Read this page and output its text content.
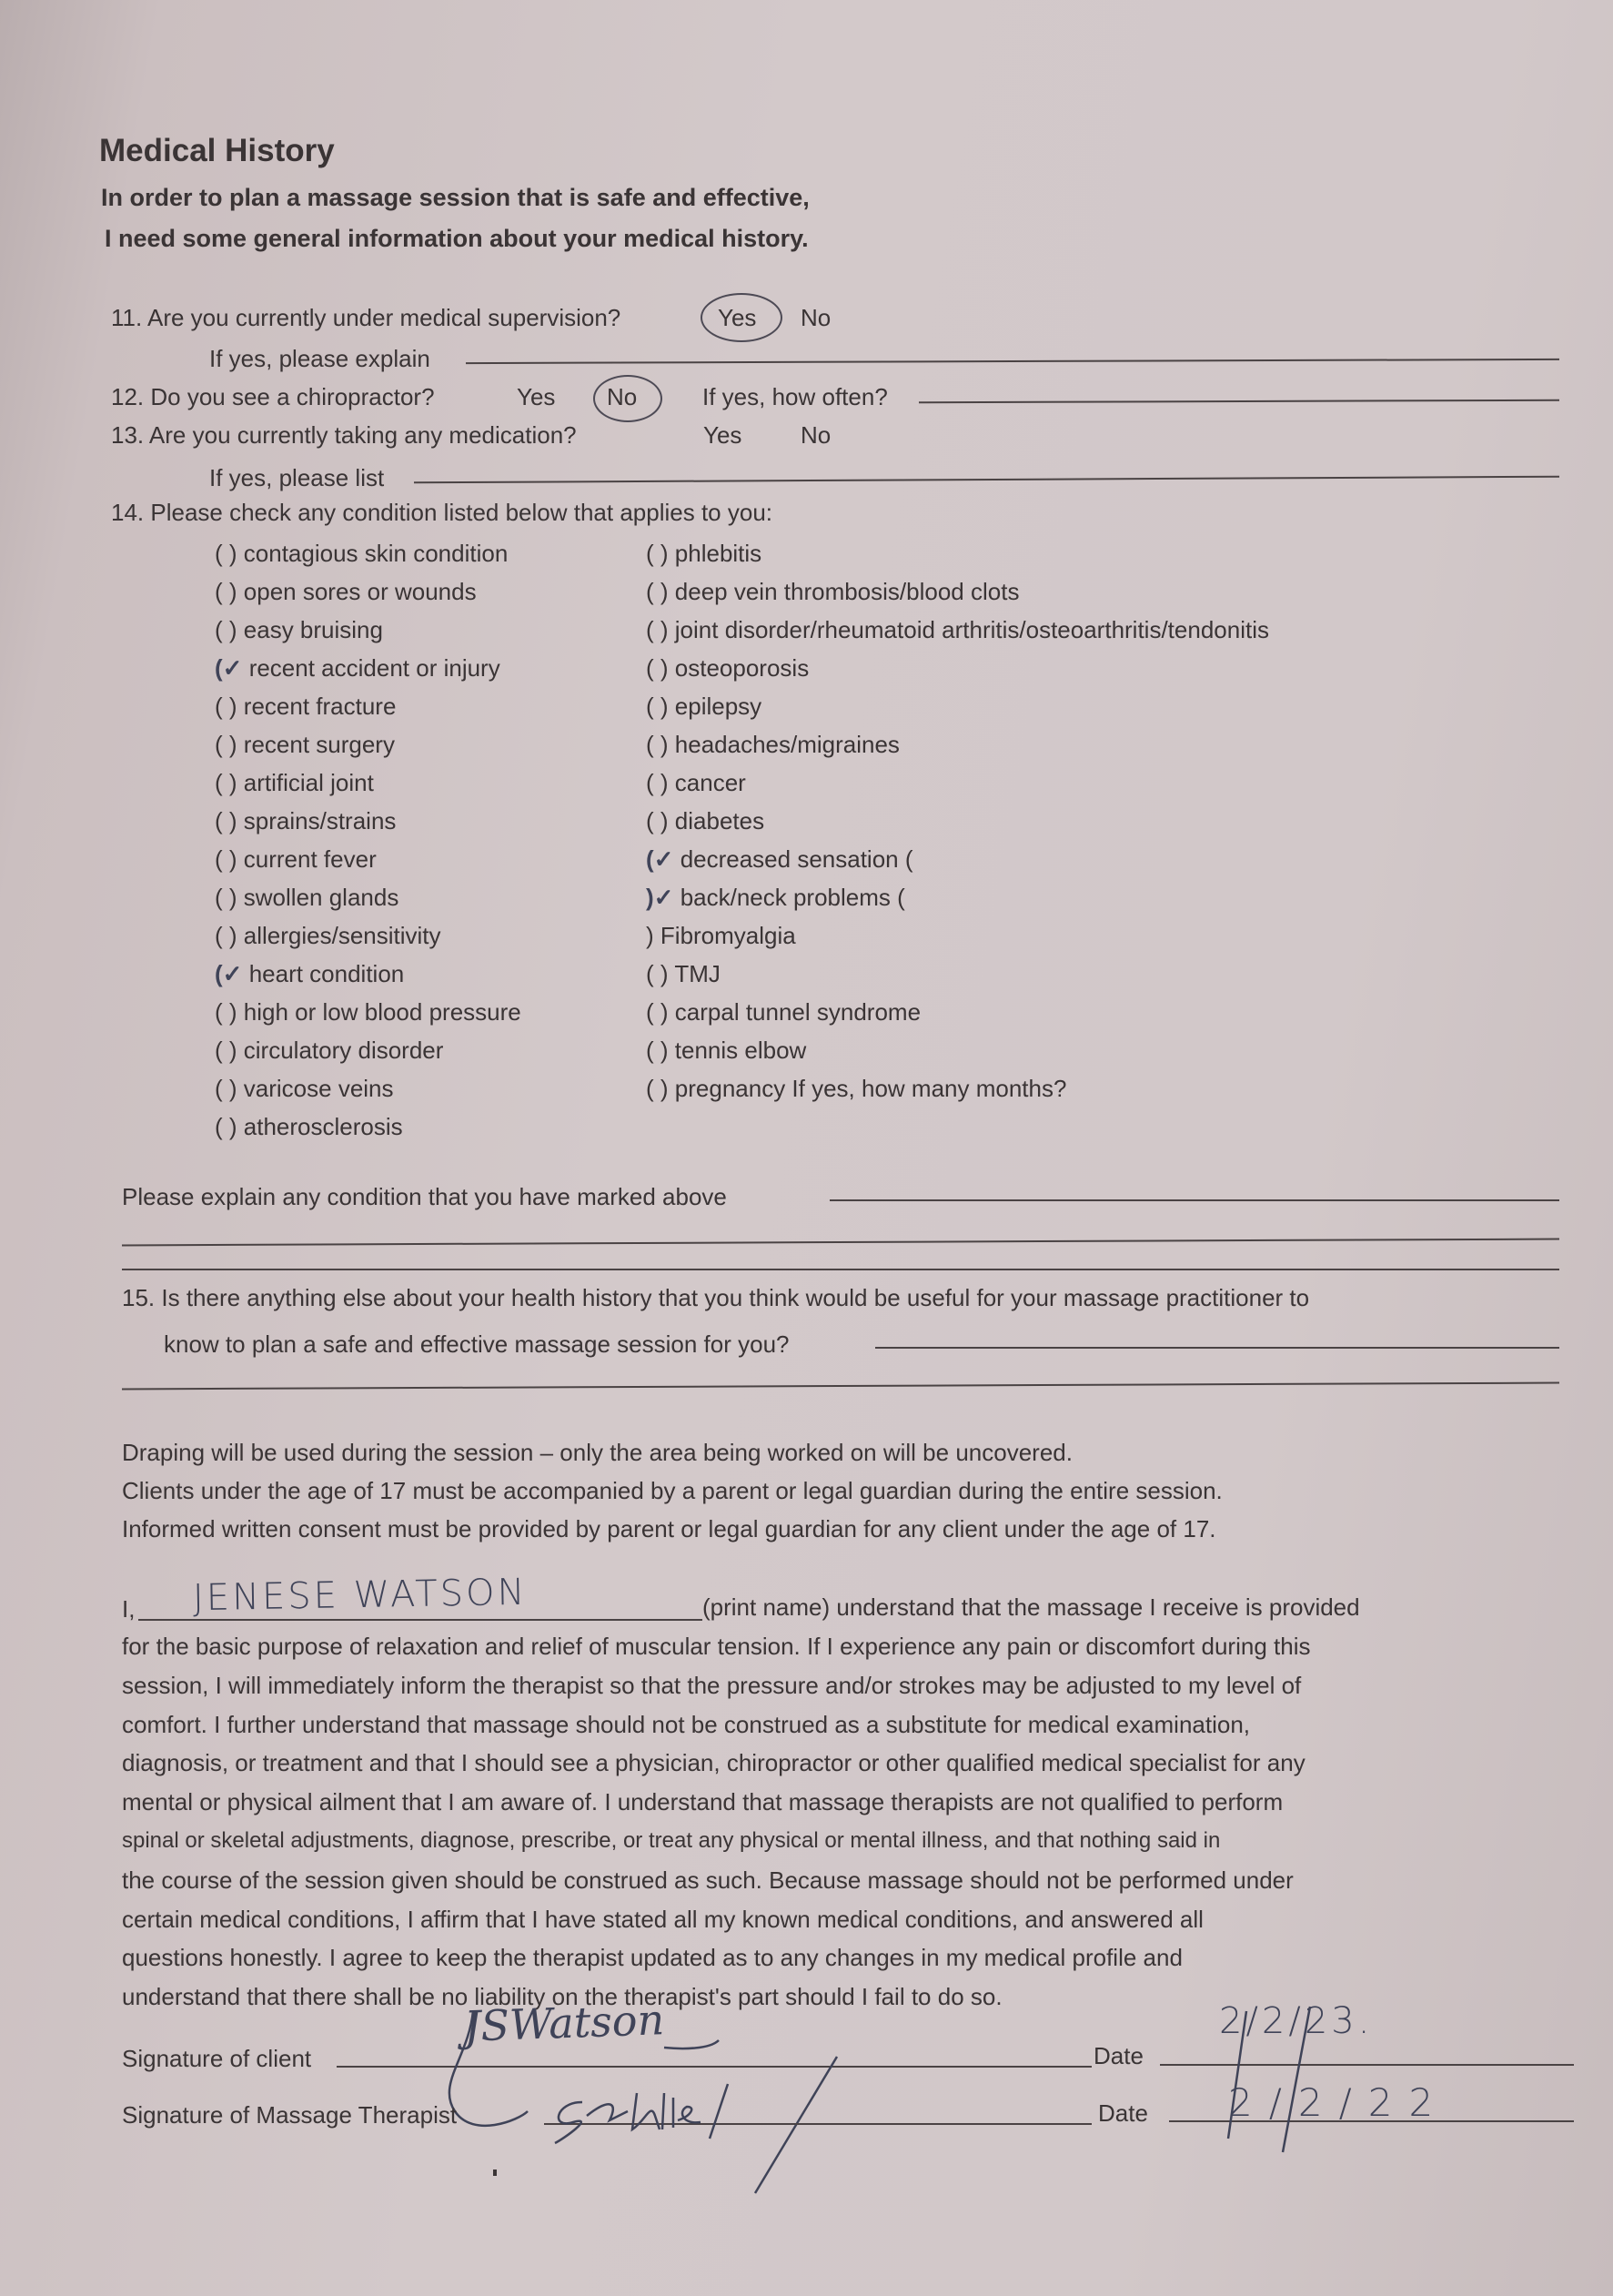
Medical History
In order to plan a massage session that is safe and effective,
I need some general information about your medical history.
11. Are you currently under medical supervision?	Yes No
If yes, please explain
12. Do you see a chiropractor?	Yes No	If yes, how often?
13. Are you currently taking any medication?	Yes No
If yes, please list
14. Please check any condition listed below that applies to you:
( ) contagious skin condition
( ) open sores or wounds
( ) easy bruising
(✓ recent accident or injury
( ) recent fracture
( ) recent surgery
( ) artificial joint
( ) sprains/strains
( ) current fever
( ) swollen glands
( ) allergies/sensitivity
(✓ heart condition
( ) high or low blood pressure
( ) circulatory disorder
( ) varicose veins
( ) atherosclerosis
( ) phlebitis
( ) deep vein thrombosis/blood clots
( ) joint disorder/rheumatoid arthritis/osteoarthritis/tendonitis
( ) osteoporosis
( ) epilepsy
( ) headaches/migraines
( ) cancer
( ) diabetes
(✓ decreased sensation (
)✓ back/neck problems (
) Fibromyalgia
( ) TMJ
( ) carpal tunnel syndrome
( ) tennis elbow
( ) pregnancy If yes, how many months?
Please explain any condition that you have marked above
15. Is there anything else about your health history that you think would be useful for your massage practitioner to
know to plan a safe and effective massage session for you?
Draping will be used during the session – only the area being worked on will be uncovered.
Clients under the age of 17 must be accompanied by a parent or legal guardian during the entire session.
Informed written consent must be provided by parent or legal guardian for any client under the age of 17.
I, JENESE WATSON	(print name) understand that the massage I receive is provided
for the basic purpose of relaxation and relief of muscular tension. If I experience any pain or discomfort during this
session, I will immediately inform the therapist so that the pressure and/or strokes may be adjusted to my level of
comfort. I further understand that massage should not be construed as a substitute for medical examination,
diagnosis, or treatment and that I should see a physician, chiropractor or other qualified medical specialist for any
mental or physical ailment that I am aware of. I understand that massage therapists are not qualified to perform
spinal or skeletal adjustments, diagnose, prescribe, or treat any physical or mental illness, and that nothing said in
the course of the session given should be construed as such. Because massage should not be performed under
certain medical conditions, I affirm that I have stated all my known medical conditions, and answered all
questions honestly. I agree to keep the therapist updated as to any changes in my medical profile and
understand that there shall be no liability on the therapist's part should I fail to do so.
Signature of client
JSWatson
Date
2/2/23.
Signature of Massage Therapist	Date 2/2/22
